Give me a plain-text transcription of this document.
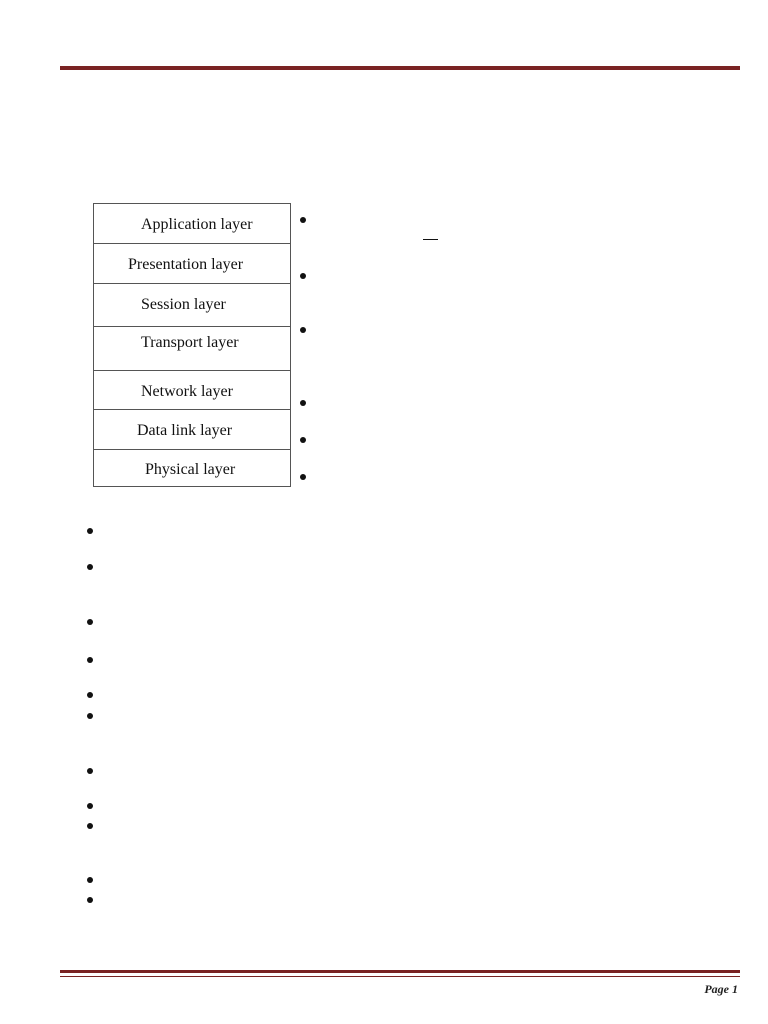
Application layer
Presentation layer
Session layer
Transport layer
Network layer
Data link layer
Physical layer
Page 1
